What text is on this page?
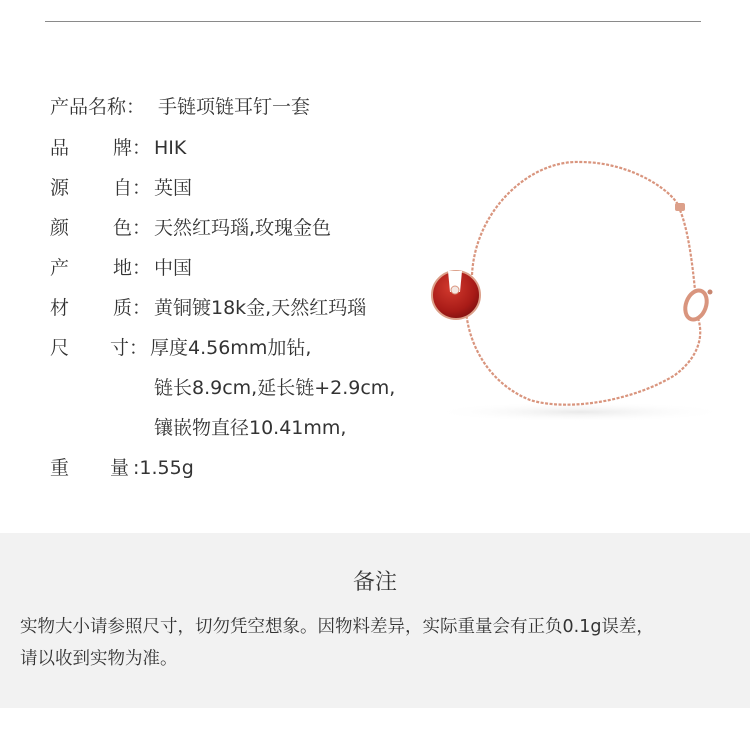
产品名称： 手链项链耳钉一套
品 牌： HIK
源 自： 英国
颜 色： 天然红玛瑙,玫瑰金色
产 地： 中国
材 质： 黄铜镀18k金,天然红玛瑙
尺 寸： 厚度4.56mm加钻,
链长8.9cm,延长链+2.9cm,
镶嵌物直径10.41mm,
重 量 :1.55g
备注
实物大小请参照尺寸，切勿凭空想象。因物料差异，实际重量会有正负0.1g误差，
请以收到实物为准。
